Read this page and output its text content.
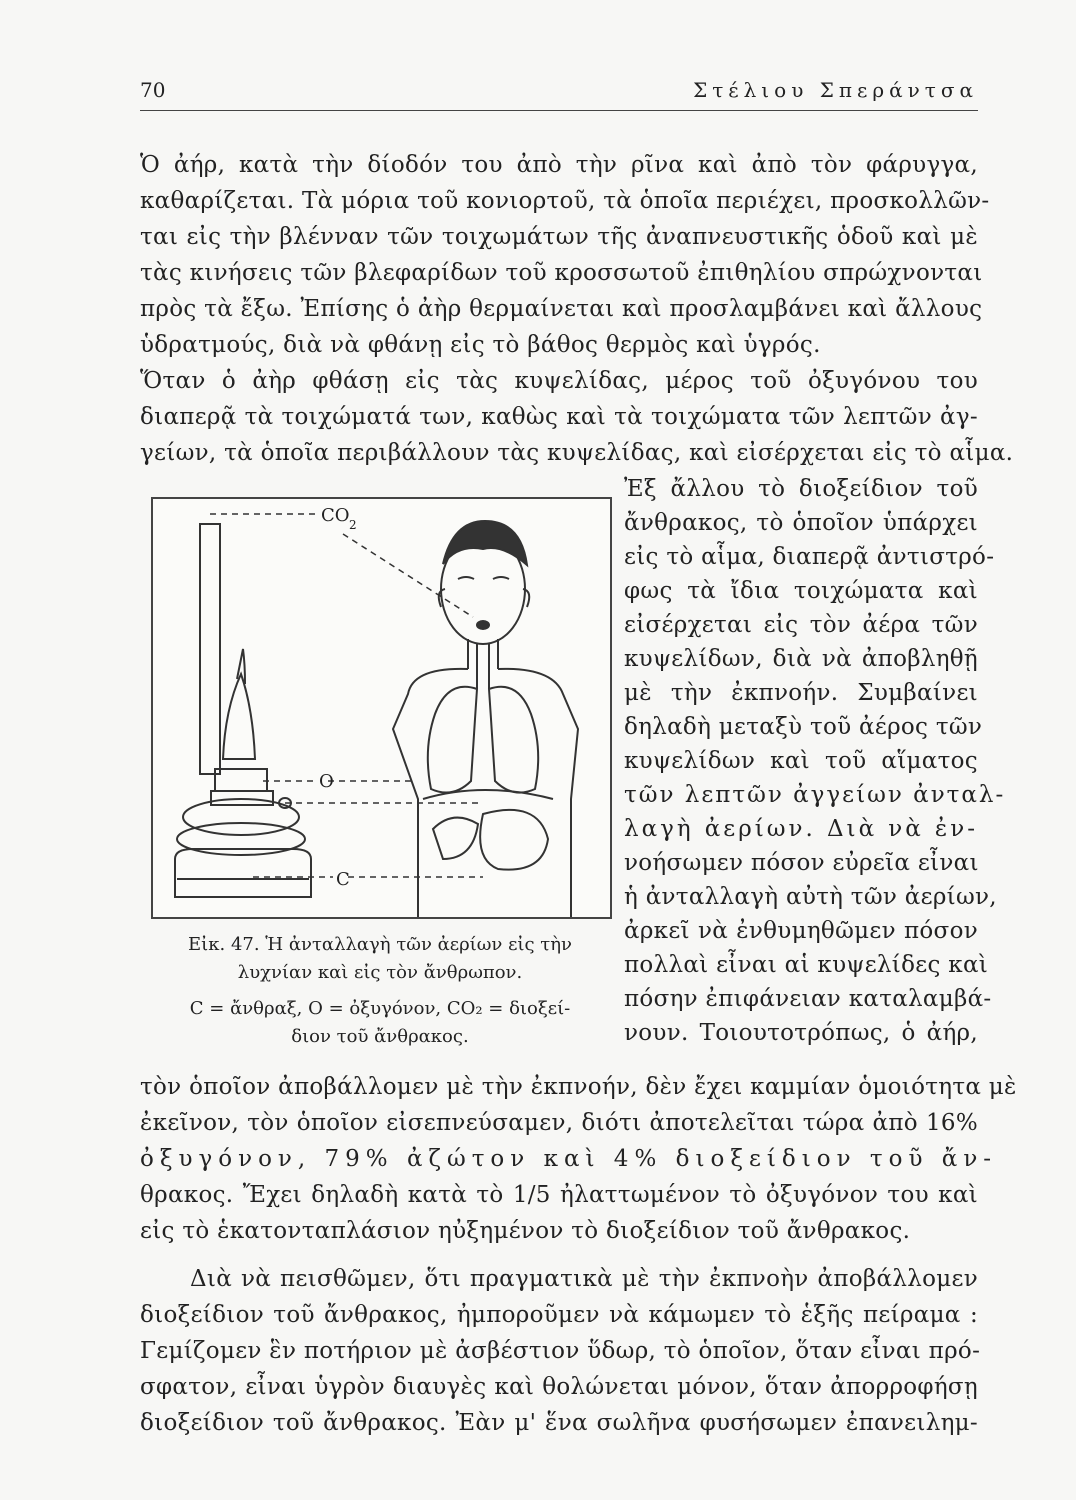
70	Στέλιου Σπεράντσα
Ὁ ἀήρ, κατὰ τὴν δίοδόν του ἀπὸ τὴν ρῖνα καὶ ἀπὸ τὸν φάρυγγα,
καθαρίζεται. Τὰ μόρια τοῦ κονιορτοῦ, τὰ ὁποῖα περιέχει, προσκολλῶν-
ται εἰς τὴν βλένναν τῶν τοιχωμάτων τῆς ἀναπνευστικῆς ὁδοῦ καὶ μὲ
τὰς κινήσεις τῶν βλεφαρίδων τοῦ κροσσωτοῦ ἐπιθηλίου σπρώχνονται
πρὸς τὰ ἔξω. Ἐπίσης ὁ ἀὴρ θερμαίνεται καὶ προσλαμβάνει καὶ ἄλλους
ὑδρατμούς, διὰ νὰ φθάνῃ εἰς τὸ βάθος θερμὸς καὶ ὑγρός.
Ὅταν ὁ ἀὴρ φθάσῃ εἰς τὰς κυψελίδας, μέρος τοῦ ὀξυγόνου του
διαπερᾷ τὰ τοιχώματά των, καθὼς καὶ τὰ τοιχώματα τῶν λεπτῶν ἀγ-
γείων, τὰ ὁποῖα περιβάλλουν τὰς κυψελίδας, καὶ εἰσέρχεται εἰς τὸ αἷμα.
Ἐξ ἄλλου τὸ διοξείδιον τοῦ
ἄνθρακος, τὸ ὁποῖον ὑπάρχει
εἰς τὸ αἷμα, διαπερᾷ ἀντιστρό-
φως τὰ ἴδια τοιχώματα καὶ
εἰσέρχεται εἰς τὸν ἀέρα τῶν
κυψελίδων, διὰ νὰ ἀποβληθῇ
μὲ τὴν ἐκπνοήν. Συμβαίνει
δηλαδὴ μεταξὺ τοῦ ἀέρος τῶν
κυψελίδων καὶ τοῦ αἵματος
τῶν λεπτῶν ἀγγείων ἀνταλ-
λαγὴ ἀερίων. Διὰ νὰ ἐν-
νοήσωμεν πόσον εὐρεῖα εἶναι
ἡ ἀνταλλαγὴ αὐτὴ τῶν ἀερίων,
ἀρκεῖ νὰ ἐνθυμηθῶμεν πόσον
πολλαὶ εἶναι αἱ κυψελίδες καὶ
πόσην ἐπιφάνειαν καταλαμβά-
νουν. Τοιουτοτρόπως, ὁ ἀήρ,
CO 2
O
C
Εἰκ. 47. Ἡ ἀνταλλαγὴ τῶν ἀερίων εἰς τὴν
λυχνίαν καὶ εἰς τὸν ἄνθρωπον.
C = ἄνθραξ, O = ὀξυγόνον, CO₂ = διοξεί-
διον τοῦ ἄνθρακος.
τὸν ὁποῖον ἀποβάλλομεν μὲ τὴν ἐκπνοήν, δὲν ἔχει καμμίαν ὁμοιότητα μὲ
ἐκεῖνον, τὸν ὁποῖον εἰσεπνεύσαμεν, διότι ἀποτελεῖται τώρα ἀπὸ 16%
ὀξυγόνον, 79% ἀζώτον καὶ 4% διοξείδιον τοῦ ἄν-
θρακος. Ἔχει δηλαδὴ κατὰ τὸ 1/5 ἠλαττωμένον τὸ ὀξυγόνον του καὶ
εἰς τὸ ἑκατονταπλάσιον ηὐξημένον τὸ διοξείδιον τοῦ ἄνθρακος.
Διὰ νὰ πεισθῶμεν, ὅτι πραγματικὰ μὲ τὴν ἐκπνοὴν ἀποβάλλομεν
διοξείδιον τοῦ ἄνθρακος, ἠμποροῦμεν νὰ κάμωμεν τὸ ἑξῆς πείραμα :
Γεμίζομεν ἓν ποτήριον μὲ ἀσβέστιον ὕδωρ, τὸ ὁποῖον, ὅταν εἶναι πρό-
σφατον, εἶναι ὑγρὸν διαυγὲς καὶ θολώνεται μόνον, ὅταν ἀπορροφήσῃ
διοξείδιον τοῦ ἄνθρακος. Ἐὰν μ' ἕνα σωλῆνα φυσήσωμεν ἐπανειλημ-
